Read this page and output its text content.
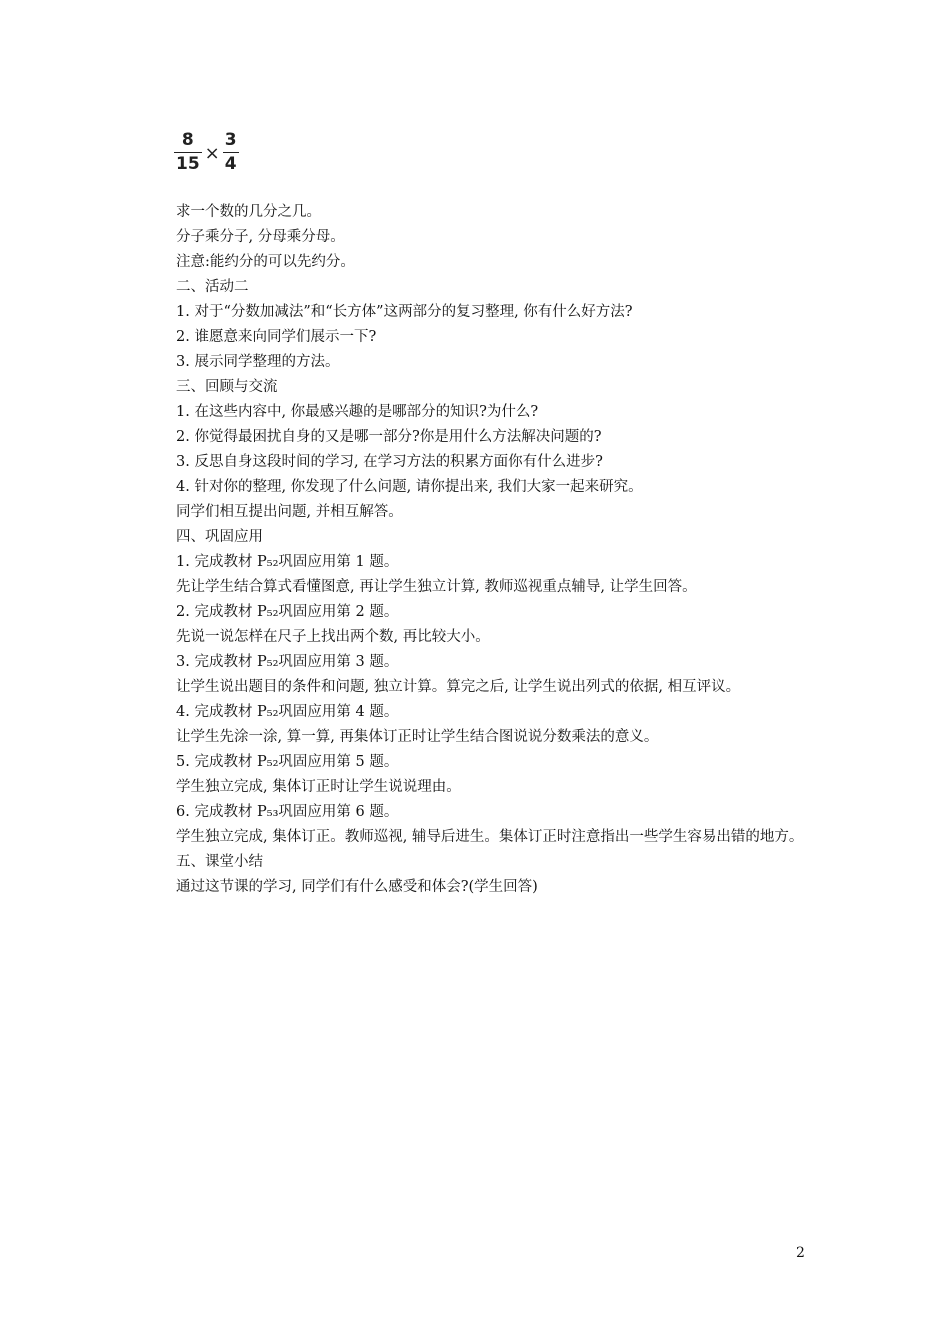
$\frac{8}{15} \times \frac{3}{4}$
求一个数的几分之几。
分子乘分子, 分母乘分母。
注意:能约分的可以先约分。
二、活动二
1. 对于“分数加减法”和“长方体”这两部分的复习整理, 你有什么好方法?
2. 谁愿意来向同学们展示一下?
3. 展示同学整理的方法。
三、回顾与交流
1. 在这些内容中, 你最感兴趣的是哪部分的知识?为什么?
2. 你觉得最困扰自身的又是哪一部分?你是用什么方法解决问题的?
3. 反思自身这段时间的学习, 在学习方法的积累方面你有什么进步?
4. 针对你的整理, 你发现了什么问题, 请你提出来, 我们大家一起来研究。
同学们相互提出问题, 并相互解答。
四、巩固应用
1. 完成教材 P₅₂巩固应用第 1 题。
先让学生结合算式看懂图意, 再让学生独立计算, 教师巡视重点辅导, 让学生回答。
2. 完成教材 P₅₂巩固应用第 2 题。
先说一说怎样在尺子上找出两个数, 再比较大小。
3. 完成教材 P₅₂巩固应用第 3 题。
让学生说出题目的条件和问题, 独立计算。算完之后, 让学生说出列式的依据, 相互评议。
4. 完成教材 P₅₂巩固应用第 4 题。
让学生先涂一涂, 算一算, 再集体订正时让学生结合图说说分数乘法的意义。
5. 完成教材 P₅₂巩固应用第 5 题。
学生独立完成, 集体订正时让学生说说理由。
6. 完成教材 P₅₃巩固应用第 6 题。
学生独立完成, 集体订正。教师巡视, 辅导后进生。集体订正时注意指出一些学生容易出错的地方。
五、课堂小结
通过这节课的学习, 同学们有什么感受和体会?(学生回答)
2
